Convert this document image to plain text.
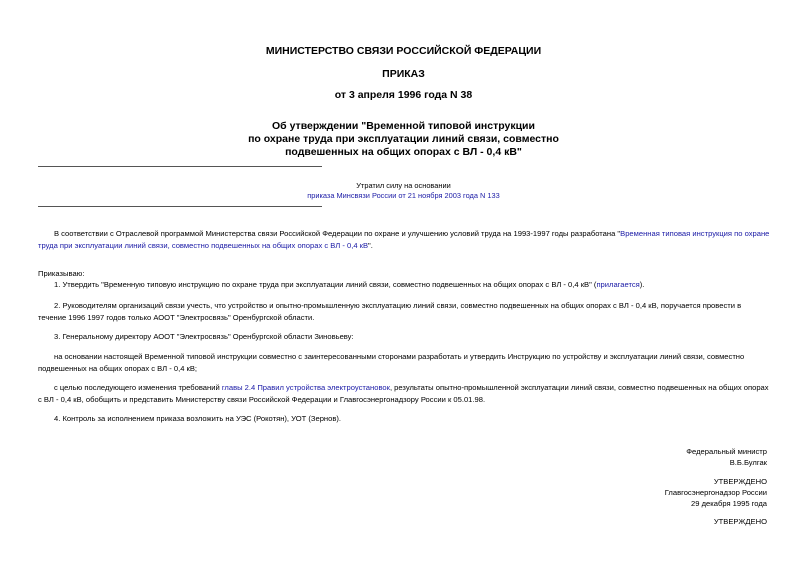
МИНИСТЕРСТВО СВЯЗИ РОССИЙСКОЙ ФЕДЕРАЦИИ
ПРИКАЗ
от 3 апреля 1996 года N 38
Об утверждении "Временной типовой инструкции
по охране труда при эксплуатации линий связи, совместно
подвешенных на общих опорах с ВЛ - 0,4 кВ"
Утратил силу на основании
приказа Минсвязи России от 21 ноября 2003 года N 133
В соответствии с Отраслевой программой Министерства связи Российской Федерации по охране и улучшению условий труда на 1993-1997 годы разработана "Временная типовая инструкция по охране труда при эксплуатации линий связи, совместно подвешенных на общих опорах с ВЛ - 0,4 кВ".
Приказываю:
1. Утвердить "Временную типовую инструкцию по охране труда при эксплуатации линий связи, совместно подвешенных на общих опорах с ВЛ - 0,4 кВ" (прилагается).
2. Руководителям организаций связи учесть, что устройство и опытно-промышленную эксплуатацию линий связи, совместно подвешенных на общих опорах с ВЛ - 0,4 кВ, поручается провести в течение 1996 1997 годов только АООТ "Электросвязь" Оренбургской области.
3. Генеральному директору АООТ "Электросвязь" Оренбургской области Зиновьеву:
на основании настоящей Временной типовой инструкции совместно с заинтересованными сторонами разработать и утвердить Инструкцию по устройству и эксплуатации линий связи, совместно подвешенных на общих опорах с ВЛ - 0,4 кВ;
с целью последующего изменения требований главы 2.4 Правил устройства электроустановок, результаты опытно-промышленной эксплуатации линий связи, совместно подвешенных на общих опорах с ВЛ - 0,4 кВ, обобщить и представить Министерству связи Российской Федерации и Главгосэнергонадзору России к 05.01.98.
4. Контроль за исполнением приказа возложить на УЭС (Рокотян), УОТ (Зернов).
Федеральный министр
В.Б.Булгак
УТВЕРЖДЕНО
Главгосэнергонадзор России
29 декабря 1995 года
УТВЕРЖДЕНО
